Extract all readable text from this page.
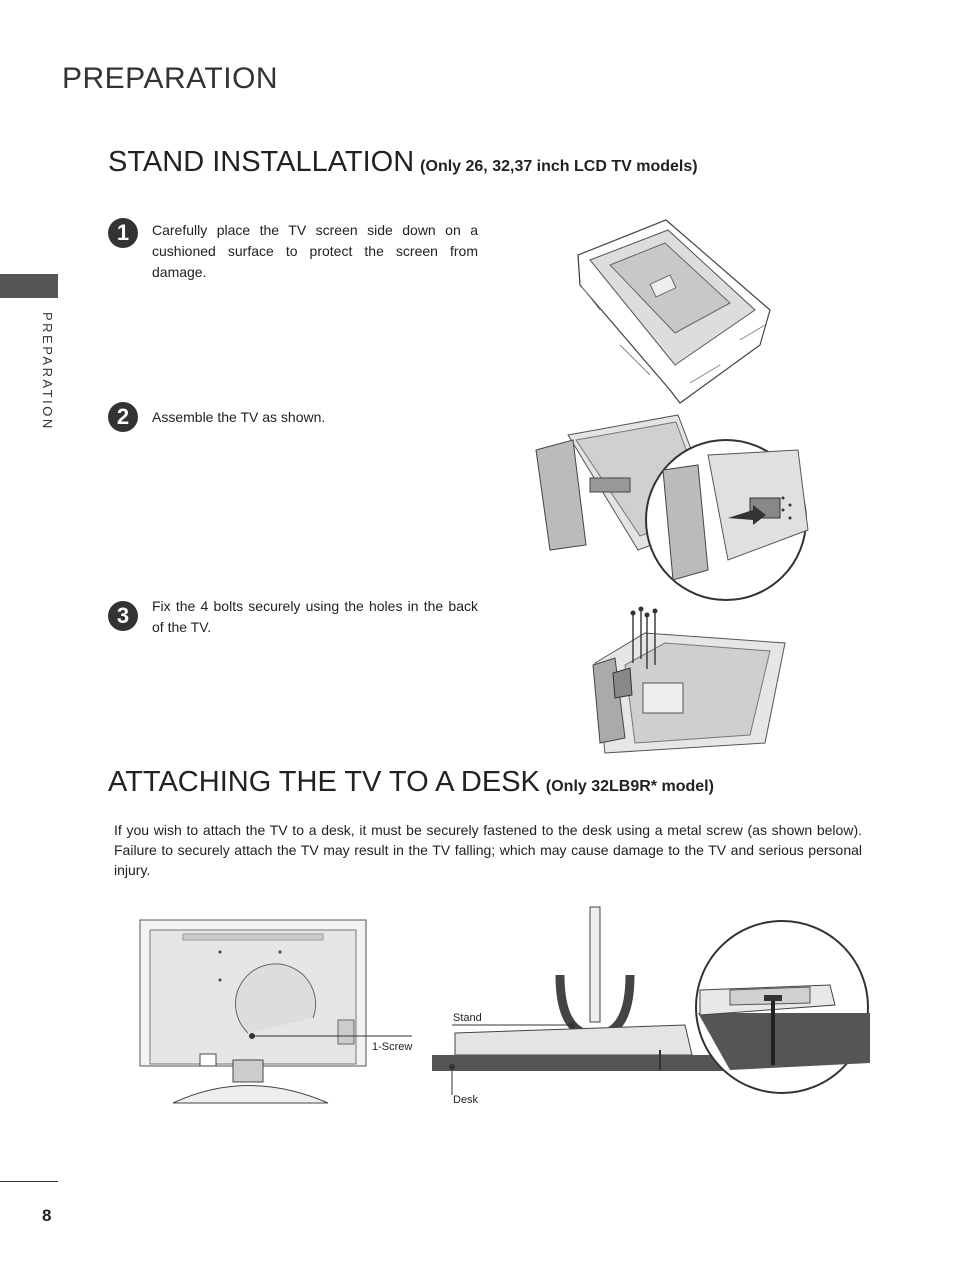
PREPARATION
PREPARATION
STAND INSTALLATION (Only 26, 32,37 inch LCD TV models)
1	Carefully place the TV screen side down on a cushioned surface to protect the screen from damage.
2	Assemble the TV as shown.
3	Fix the 4 bolts securely using the holes in the back of the TV.
ATTACHING THE TV TO A DESK (Only 32LB9R* model)
If you wish to attach the TV to a desk, it must be securely fastened to the desk using a metal screw (as shown below). Failure to securely attach the TV may result in the TV falling; which may cause damage to the TV and serious personal injury.
1-Screw
Stand
Desk
8
